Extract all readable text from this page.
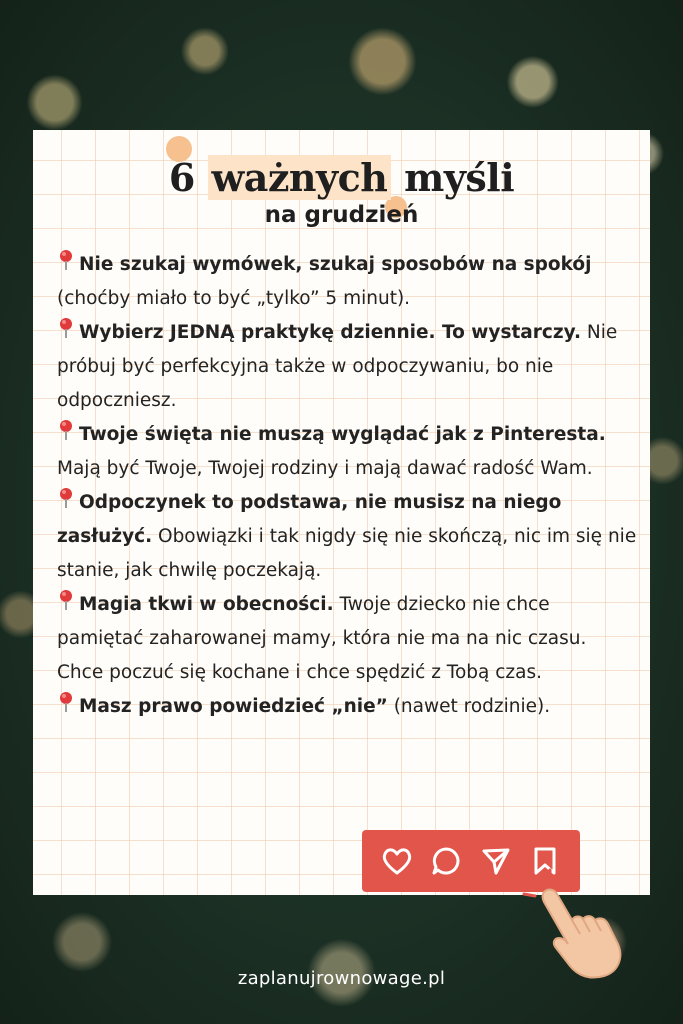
6 ważnych myśli
na grudzień

Nie szukaj wymówek, szukaj sposobów na spokój (choćby miało to być „tylko” 5 minut).

Wybierz JEDNĄ praktykę dziennie. To wystarczy. Nie próbuj być perfekcyjna także w odpoczywaniu, bo nie odpoczniesz.

Twoje święta nie muszą wyglądać jak z Pinteresta. Mają być Twoje, Twojej rodziny i mają dawać radość Wam.

Odpoczynek to podstawa, nie musisz na niego zasłużyć. Obowiązki i tak nigdy się nie skończą, nic im się nie stanie, jak chwilę poczekają.

Magia tkwi w obecności. Twoje dziecko nie chce pamiętać zaharowanej mamy, która nie ma na nic czasu. Chce poczuć się kochane i chce spędzić z Tobą czas.

Masz prawo powiedzieć „nie” (nawet rodzinie).

zaplanujrownowage.pl
